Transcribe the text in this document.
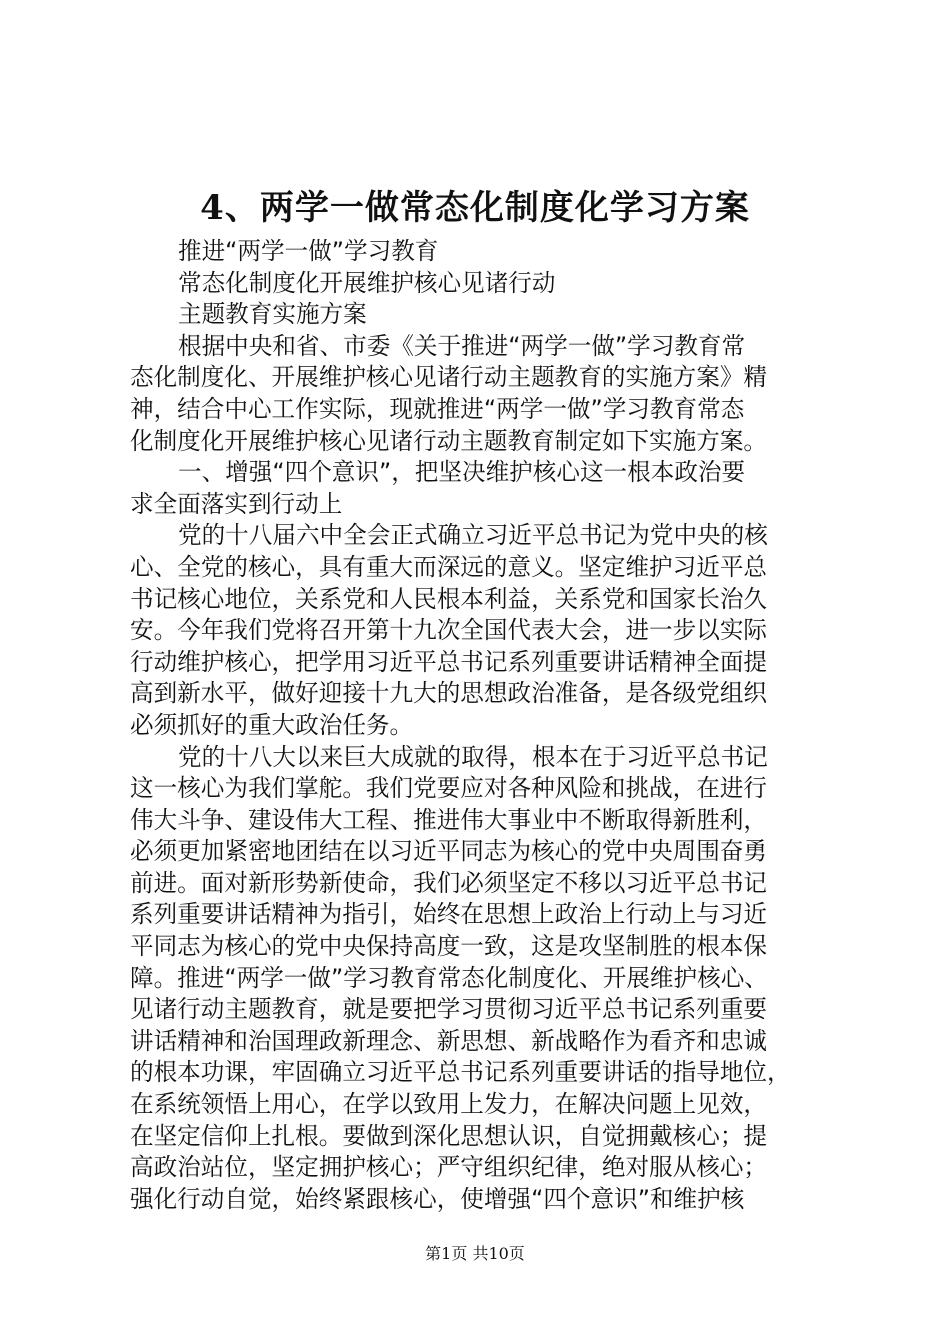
4、两学一做常态化制度化学习方案
推进“两学一做”学习教育
常态化制度化开展维护核心见诸行动
主题教育实施方案
根据中央和省、市委《关于推进“两学一做”学习教育常
态化制度化、开展维护核心见诸行动主题教育的实施方案》精
神，结合中心工作实际，现就推进“两学一做”学习教育常态
化制度化开展维护核心见诸行动主题教育制定如下实施方案。
一、增强“四个意识”，把坚决维护核心这一根本政治要
求全面落实到行动上
党的十八届六中全会正式确立习近平总书记为党中央的核
心、全党的核心，具有重大而深远的意义。坚定维护习近平总
书记核心地位，关系党和人民根本利益，关系党和国家长治久
安。今年我们党将召开第十九次全国代表大会，进一步以实际
行动维护核心，把学用习近平总书记系列重要讲话精神全面提
高到新水平，做好迎接十九大的思想政治准备，是各级党组织
必须抓好的重大政治任务。
党的十八大以来巨大成就的取得，根本在于习近平总书记
这一核心为我们掌舵。我们党要应对各种风险和挑战，在进行
伟大斗争、建设伟大工程、推进伟大事业中不断取得新胜利，
必须更加紧密地团结在以习近平同志为核心的党中央周围奋勇
前进。面对新形势新使命，我们必须坚定不移以习近平总书记
系列重要讲话精神为指引，始终在思想上政治上行动上与习近
平同志为核心的党中央保持高度一致，这是攻坚制胜的根本保
障。推进“两学一做”学习教育常态化制度化、开展维护核心、
见诸行动主题教育，就是要把学习贯彻习近平总书记系列重要
讲话精神和治国理政新理念、新思想、新战略作为看齐和忠诚
的根本功课，牢固确立习近平总书记系列重要讲话的指导地位，
在系统领悟上用心，在学以致用上发力，在解决问题上见效，
在坚定信仰上扎根。要做到深化思想认识，自觉拥戴核心；提
高政治站位，坚定拥护核心；严守组织纪律，绝对服从核心；
强化行动自觉，始终紧跟核心，使增强“四个意识”和维护核
第1页 共10页
